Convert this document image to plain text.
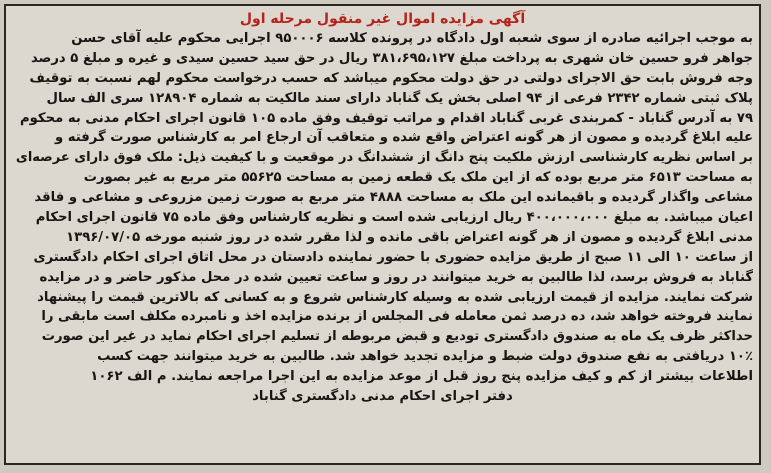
آگهی مزایده اموال غیر منقول مرحله اول
به موجب اجرائیه صادره از سوی شعبه اول دادگاه در پرونده کلاسه ۹۵۰۰۰۶ اجرایی محکوم علیه آقای حسن
جواهر فرو حسین خان شهری به پرداخت مبلغ ۳۸۱،۶۹۵،۱۲۷ ریال در حق سید حسین سیدی و غیره و مبلغ ۵ درصد
وجه فروش بابت حق الاجرای دولتی در حق دولت محکوم میباشد که حسب درخواست محکوم لهم نسبت به توقیف
پلاک ثبتی شماره ۲۳۴۲ فرعی از ۹۴ اصلی بخش یک گناباد دارای سند مالکیت به شماره ۱۲۸۹۰۴ سری الف سال
۷۹ به آدرس گناباد - کمربندی غربی گناباد اقدام و مراتب توقیف وفق ماده ۱۰۵ قانون اجرای احکام مدنی به محکوم
علیه ابلاغ گردیده و مصون از هر گونه اعتراض واقع شده و متعاقب آن ارجاع امر به کارشناس صورت گرفته و
بر اساس نظریه کارشناسی ارزش ملکیت پنج دانگ از ششدانگ در موقعیت و با کیفیت ذیل: ملک فوق دارای عرصه‌ای
به مساحت ۶۵۱۳ متر مربع بوده که از این ملک یک قطعه زمین به مساحت ۵۵۶۲۵ متر مربع به غیر بصورت
مشاعی واگذار گردیده و باقیمانده این ملک به مساحت ۴۸۸۸ متر مربع به صورت زمین مزروعی و مشاعی و فاقد
اعیان میباشد. به مبلغ ۴۰۰،۰۰۰،۰۰۰ ریال ارزیابی شده است و نظریه کارشناس وفق ماده ۷۵ قانون اجرای احکام
مدنی ابلاغ گردیده و مصون از هر گونه اعتراض باقی مانده و لذا مقرر شده در روز شنبه مورخه ۱۳۹۶/۰۷/۰۵
از ساعت ۱۰ الی ۱۱ صبح از طریق مزایده حضوری با حضور نماینده دادستان در محل اتاق اجرای احکام دادگستری
گناباد به فروش برسد، لذا طالبین به خرید میتوانند در روز و ساعت تعیین شده در محل مذکور حاضر و در مزایده
شرکت نمایند. مزایده از قیمت ارزیابی شده به وسیله کارشناس شروع و به کسانی که بالاترین قیمت را پیشنهاد
نمایند فروخته خواهد شد، ده درصد ثمن معامله فی المجلس از برنده مزایده اخذ و نامبرده مکلف است مابقی را
حداکثر ظرف یک ماه به صندوق دادگستری تودیع و قبض مربوطه از تسلیم اجرای احکام نماید در غیر این صورت
۱۰٪ دریافتی به نفع صندوق دولت ضبط و مزایده تجدید خواهد شد. طالبین به خرید میتوانند جهت کسب
اطلاعات بیشتر از کم و کیف مزایده پنج روز قبل از موعد مزایده به این اجرا مراجعه نمایند. م الف ۱۰۶۲
دفتر اجرای احکام مدنی دادگستری گناباد
